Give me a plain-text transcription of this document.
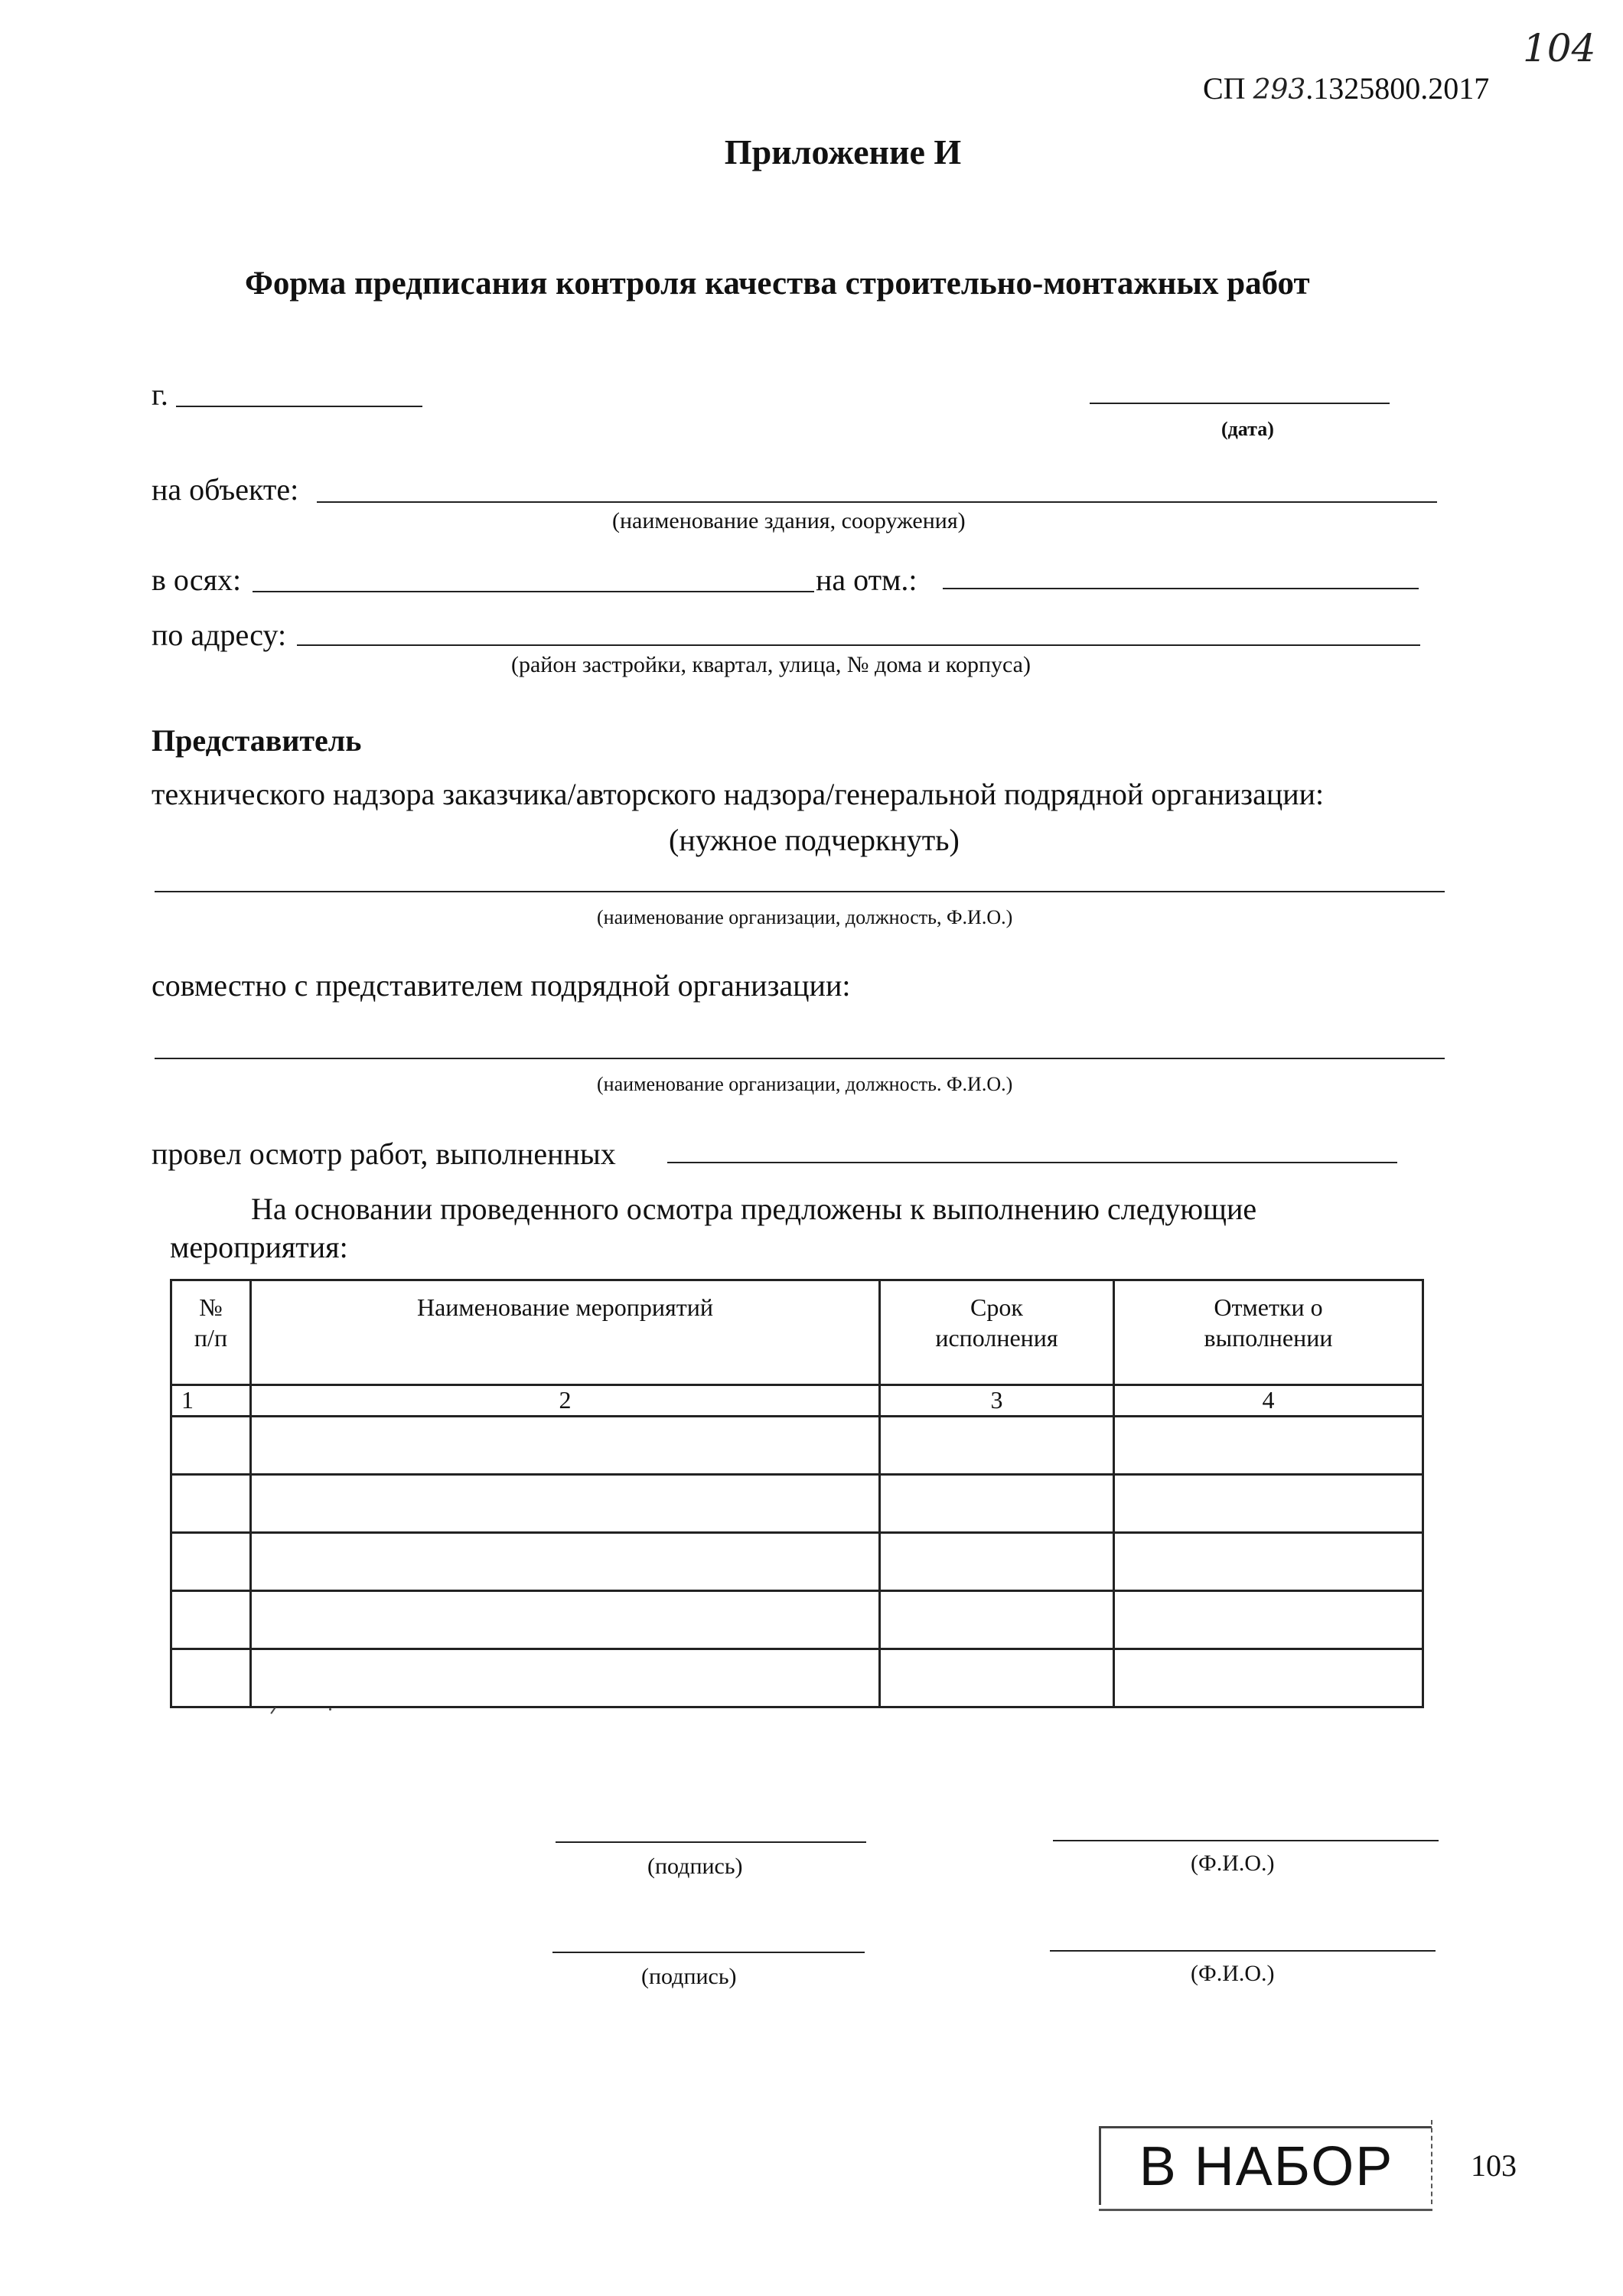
СП 293.1325800.2017
104
Приложение И
Форма предписания контроля качества строительно-монтажных работ
г.
(дата)
на объекте:
(наименование здания, сооружения)
в осях:	на отм.:
по адресу:
(район застройки, квартал, улица, № дома и корпуса)
Представитель
технического надзора заказчика/авторского надзора/генеральной подрядной организации:
(нужное подчеркнуть)
(наименование организации, должность, Ф.И.О.)
совместно с представителем подрядной организации:
(наименование организации, должность. Ф.И.О.)
провел осмотр работ, выполненных
На основании проведенного осмотра предложены к выполнению следующие
мероприятия:
№ п/п	Наименование мероприятий	Срок исполнения	Отметки о выполнении

1	2	3	4

(подпись)	(Ф.И.О.)
(подпись)	(Ф.И.О.)
В НАБОР	103
